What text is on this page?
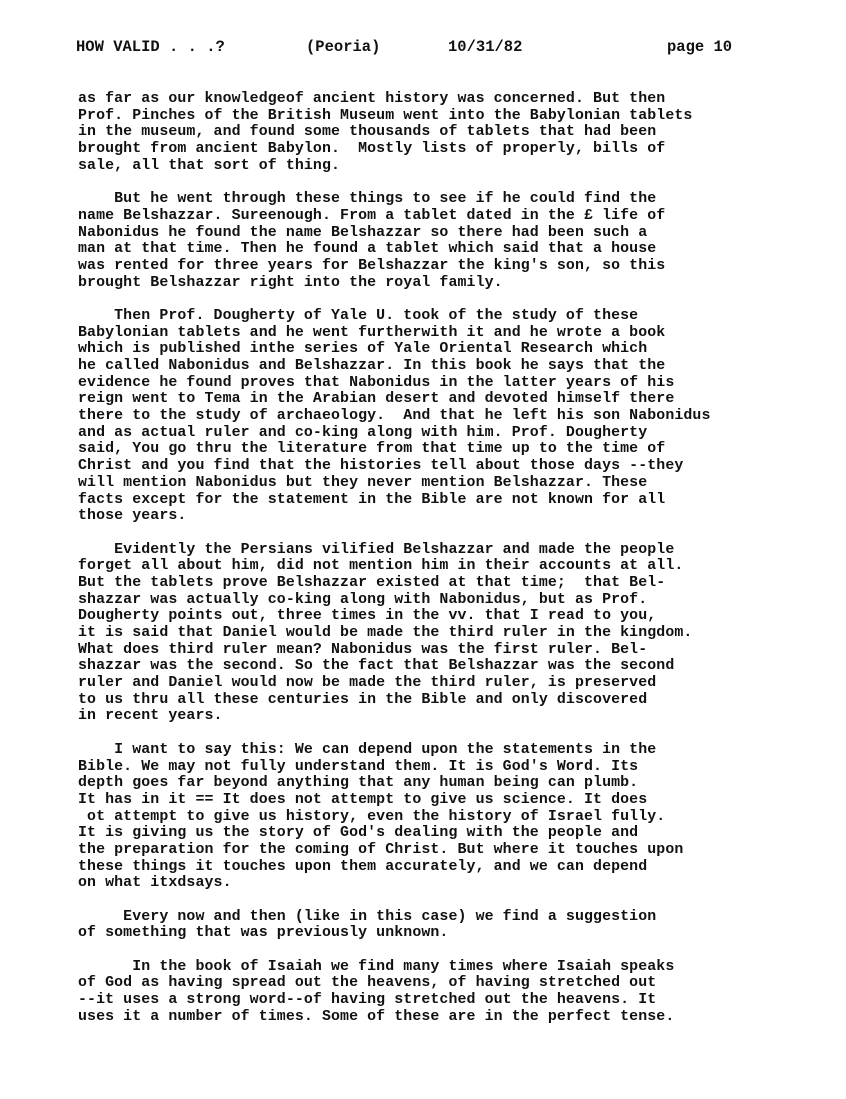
HOW VALID . . .?	(Peoria)	10/31/82	page 10
as far as our knowledgeof ancient history was concerned. But then
Prof. Pinches of the British Museum went into the Babylonian tablets
in the museum, and found some thousands of tablets that had been
brought from ancient Babylon.  Mostly lists of properly, bills of
sale, all that sort of thing.
But he went through these things to see if he could find the
name Belshazzar. Sureenough. From a tablet dated in the £ life of
Nabonidus he found the name Belshazzar so there had been such a
man at that time. Then he found a tablet which said that a house
was rented for three years for Belshazzar the king's son, so this
brought Belshazzar right into the royal family.
Then Prof. Dougherty of Yale U. took of the study of these
Babylonian tablets and he went furtherwith it and he wrote a book
which is published inthe series of Yale Oriental Research which
he called Nabonidus and Belshazzar. In this book he says that the
evidence he found proves that Nabonidus in the latter years of his
reign went to Tema in the Arabian desert and devoted himself there
there to the study of archaeology.  And that he left his son Nabonidus
and as actual ruler and co-king along with him. Prof. Dougherty
said, You go thru the literature from that time up to the time of
Christ and you find that the histories tell about those days --they
will mention Nabonidus but they never mention Belshazzar. These
facts except for the statement in the Bible are not known for all
those years.
Evidently the Persians vilified Belshazzar and made the people
forget all about him, did not mention him in their accounts at all.
But the tablets prove Belshazzar existed at that time;  that Bel-
shazzar was actually co-king along with Nabonidus, but as Prof.
Dougherty points out, three times in the vv. that I read to you,
it is said that Daniel would be made the third ruler in the kingdom.
What does third ruler mean? Nabonidus was the first ruler. Bel-
shazzar was the second. So the fact that Belshazzar was the second
ruler and Daniel would now be made the third ruler, is preserved
to us thru all these centuries in the Bible and only discovered
in recent years.
I want to say this: We can depend upon the statements in the
Bible. We may not fully understand them. It is God's Word. Its
depth goes far beyond anything that any human being can plumb.
It has in it == It does not attempt to give us science. It does
ot attempt to give us history, even the history of Israel fully.
It is giving us the story of God's dealing with the people and
the preparation for the coming of Christ. But where it touches upon
these things it touches upon them accurately, and we can depend
on what itxdsays.
Every now and then (like in this case) we find a suggestion
of something that was previously unknown.
In the book of Isaiah we find many times where Isaiah speaks
of God as having spread out the heavens, of having stretched out
--it uses a strong word--of having stretched out the heavens. It
uses it a number of times. Some of these are in the perfect tense.
